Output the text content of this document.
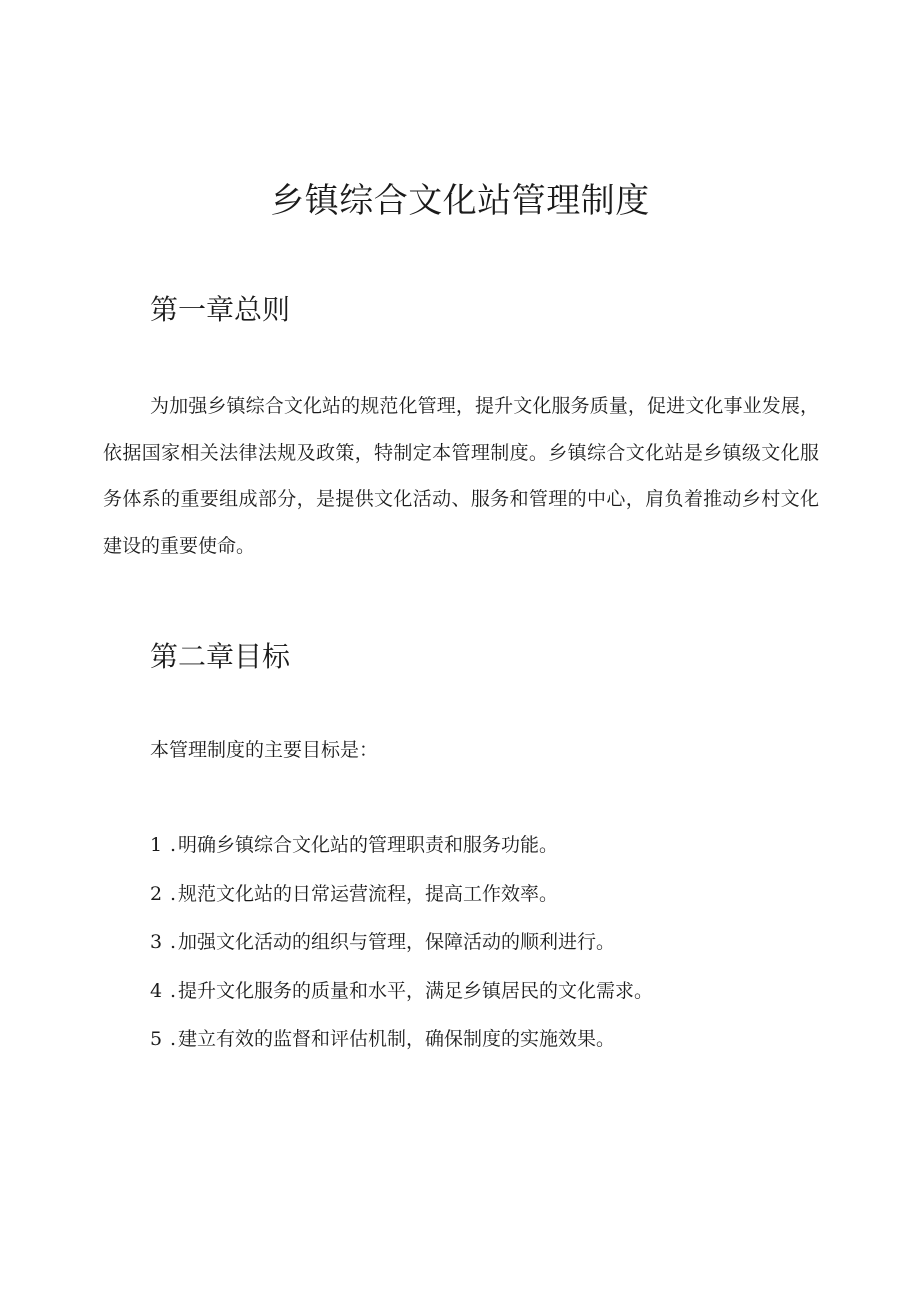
乡镇综合文化站管理制度
第一章总则

为加强乡镇综合文化站的规范化管理，提升文化服务质量，促进文化事业发展，依据国家相关法律法规及政策，特制定本管理制度。乡镇综合文化站是乡镇级文化服务体系的重要组成部分，是提供文化活动、服务和管理的中心，肩负着推动乡村文化建设的重要使命。

第二章目标

本管理制度的主要目标是：

1 . 明确乡镇综合文化站的管理职责和服务功能。
2 . 规范文化站的日常运营流程，提高工作效率。
3 . 加强文化活动的组织与管理，保障活动的顺利进行。
4 . 提升文化服务的质量和水平，满足乡镇居民的文化需求。
5 . 建立有效的监督和评估机制，确保制度的实施效果。
